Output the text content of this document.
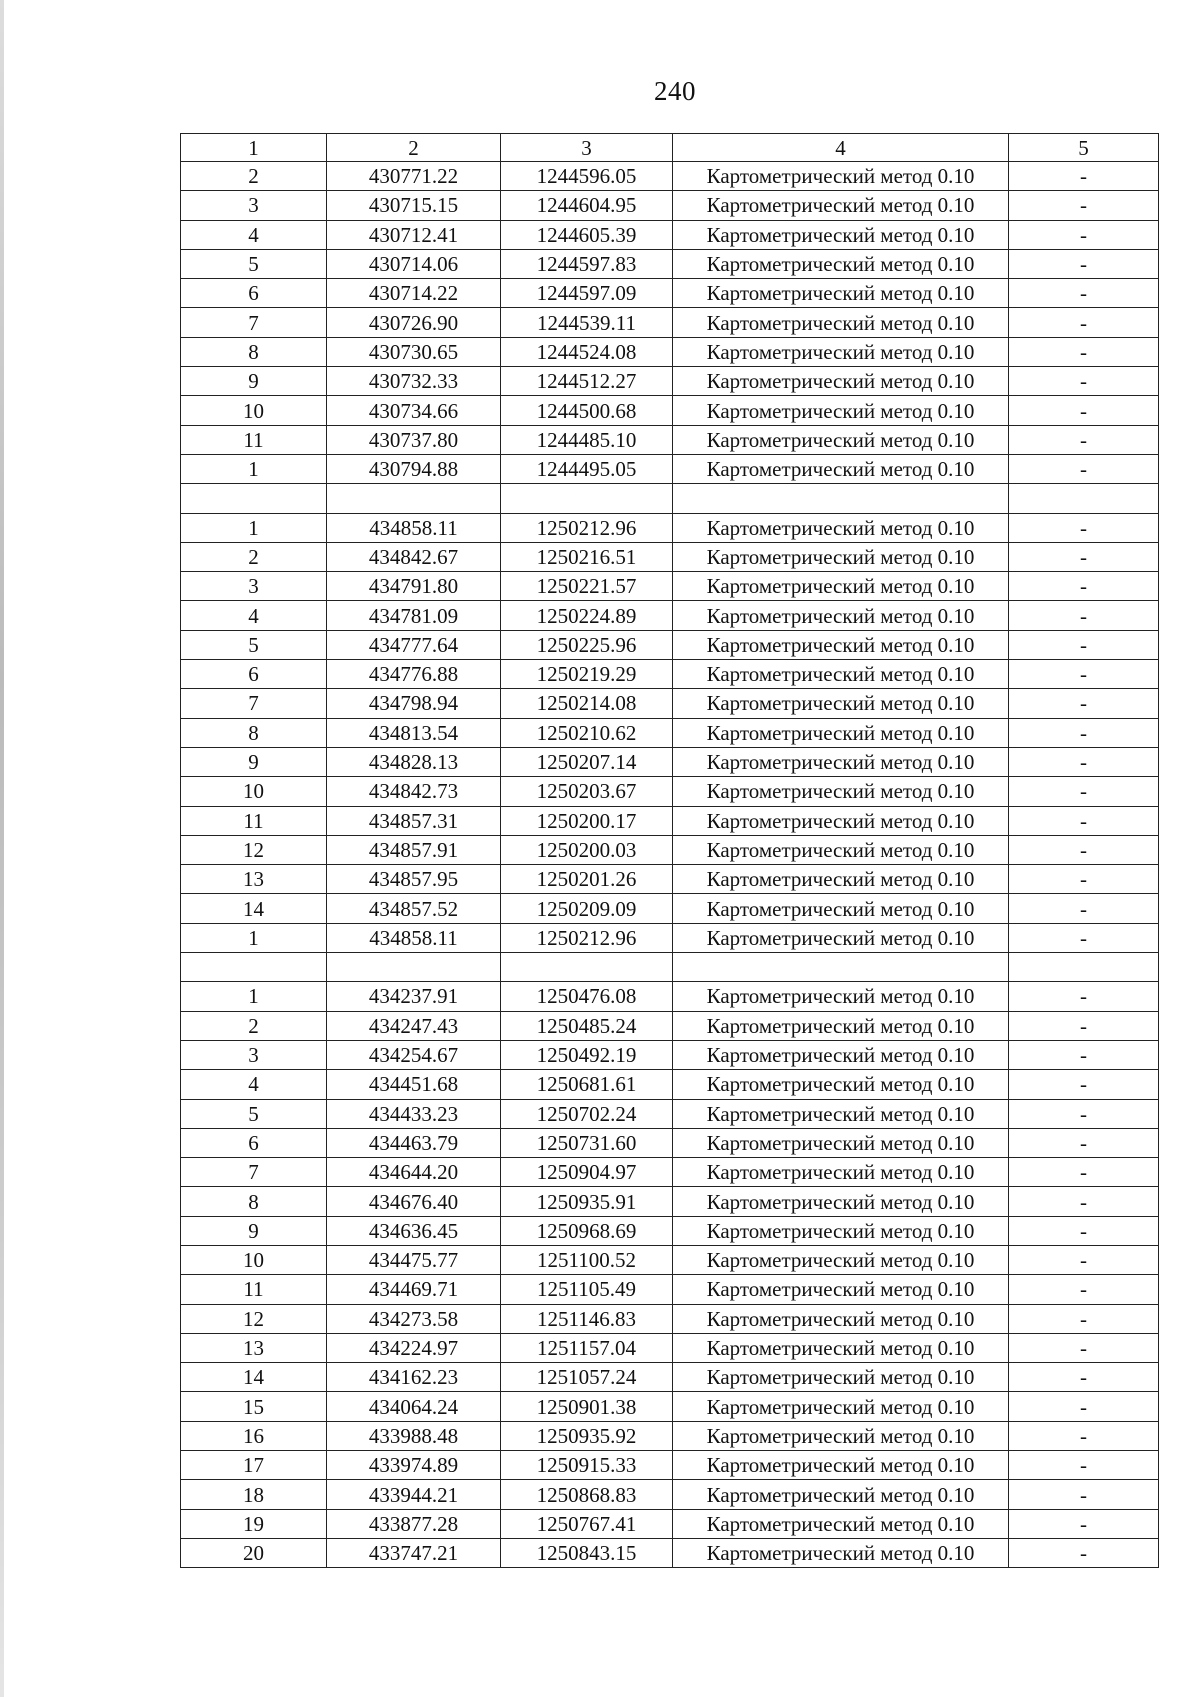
240
1	2	3	4	5
2	430771.22	1244596.05	Картометрический метод 0.10	-
3	430715.15	1244604.95	Картометрический метод 0.10	-
4	430712.41	1244605.39	Картометрический метод 0.10	-
5	430714.06	1244597.83	Картометрический метод 0.10	-
6	430714.22	1244597.09	Картометрический метод 0.10	-
7	430726.90	1244539.11	Картометрический метод 0.10	-
8	430730.65	1244524.08	Картометрический метод 0.10	-
9	430732.33	1244512.27	Картометрический метод 0.10	-
10	430734.66	1244500.68	Картометрический метод 0.10	-
11	430737.80	1244485.10	Картометрический метод 0.10	-
1	430794.88	1244495.05	Картометрический метод 0.10	-

1	434858.11	1250212.96	Картометрический метод 0.10	-
2	434842.67	1250216.51	Картометрический метод 0.10	-
3	434791.80	1250221.57	Картометрический метод 0.10	-
4	434781.09	1250224.89	Картометрический метод 0.10	-
5	434777.64	1250225.96	Картометрический метод 0.10	-
6	434776.88	1250219.29	Картометрический метод 0.10	-
7	434798.94	1250214.08	Картометрический метод 0.10	-
8	434813.54	1250210.62	Картометрический метод 0.10	-
9	434828.13	1250207.14	Картометрический метод 0.10	-
10	434842.73	1250203.67	Картометрический метод 0.10	-
11	434857.31	1250200.17	Картометрический метод 0.10	-
12	434857.91	1250200.03	Картометрический метод 0.10	-
13	434857.95	1250201.26	Картометрический метод 0.10	-
14	434857.52	1250209.09	Картометрический метод 0.10	-
1	434858.11	1250212.96	Картометрический метод 0.10	-

1	434237.91	1250476.08	Картометрический метод 0.10	-
2	434247.43	1250485.24	Картометрический метод 0.10	-
3	434254.67	1250492.19	Картометрический метод 0.10	-
4	434451.68	1250681.61	Картометрический метод 0.10	-
5	434433.23	1250702.24	Картометрический метод 0.10	-
6	434463.79	1250731.60	Картометрический метод 0.10	-
7	434644.20	1250904.97	Картометрический метод 0.10	-
8	434676.40	1250935.91	Картометрический метод 0.10	-
9	434636.45	1250968.69	Картометрический метод 0.10	-
10	434475.77	1251100.52	Картометрический метод 0.10	-
11	434469.71	1251105.49	Картометрический метод 0.10	-
12	434273.58	1251146.83	Картометрический метод 0.10	-
13	434224.97	1251157.04	Картометрический метод 0.10	-
14	434162.23	1251057.24	Картометрический метод 0.10	-
15	434064.24	1250901.38	Картометрический метод 0.10	-
16	433988.48	1250935.92	Картометрический метод 0.10	-
17	433974.89	1250915.33	Картометрический метод 0.10	-
18	433944.21	1250868.83	Картометрический метод 0.10	-
19	433877.28	1250767.41	Картометрический метод 0.10	-
20	433747.21	1250843.15	Картометрический метод 0.10	-
